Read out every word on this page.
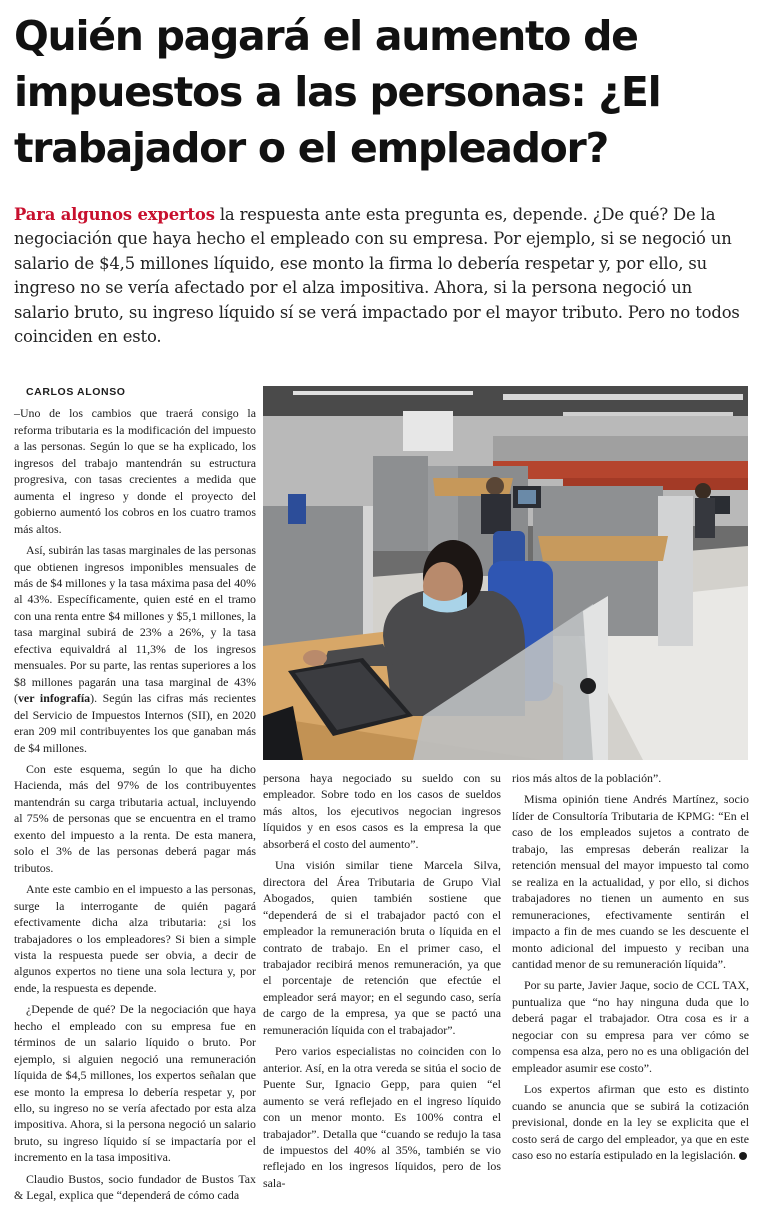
Quién pagará el aumento de impuestos a las personas: ¿El trabajador o el empleador?

Para algunos expertos la respuesta ante esta pregunta es, depende. ¿De qué? De la negociación que haya hecho el empleado con su empresa. Por ejemplo, si se negoció un salario de $4,5 millones líquido, ese monto la firma lo debería respetar y, por ello, su ingreso no se vería afectado por el alza impositiva. Ahora, si la persona negoció un salario bruto, su ingreso líquido sí se verá impactado por el mayor tributo. Pero no todos coinciden en esto.

CARLOS ALONSO

–Uno de los cambios que traerá consigo la reforma tributaria es la modificación del impuesto a las personas. Según lo que se ha explicado, los ingresos del trabajo mantendrán su estructura progresiva, con tasas crecientes a medida que aumenta el ingreso y donde el proyecto del gobierno aumentó los cobros en los cuatro tramos más altos.

Así, subirán las tasas marginales de las personas que obtienen ingresos imponibles mensuales de más de $4 millones y la tasa máxima pasa del 40% al 43%. Específicamente, quien esté en el tramo con una renta entre $4 millones y $5,1 millones, la tasa marginal subirá de 23% a 26%, y la tasa efectiva equivaldrá al 11,3% de los ingresos mensuales. Por su parte, las rentas superiores a los $8 millones pagarán una tasa marginal de 43% (ver infografía). Según las cifras más recientes del Servicio de Impuestos Internos (SII), en 2020 eran 209 mil contribuyentes los que ganaban más de $4 millones.

Con este esquema, según lo que ha dicho Hacienda, más del 97% de los contribuyentes mantendrán su carga tributaria actual, incluyendo al 75% de personas que se encuentra en el tramo exento del impuesto a la renta. De esta manera, solo el 3% de las personas deberá pagar más tributos.

Ante este cambio en el impuesto a las personas, surge la interrogante de quién pagará efectivamente dicha alza tributaria: ¿si los trabajadores o los empleadores? Si bien a simple vista la respuesta puede ser obvia, a decir de algunos expertos no tiene una sola lectura y, por ende, la respuesta es depende.

¿Depende de qué? De la negociación que haya hecho el empleado con su empresa fue en términos de un salario líquido o bruto. Por ejemplo, si alguien negoció una remuneración líquida de $4,5 millones, los expertos señalan que ese monto la empresa lo debería respetar y, por ello, su ingreso no se vería afectado por esta alza impositiva. Ahora, si la persona negoció un salario bruto, su ingreso líquido sí se impactaría por el incremento en la tasa impositiva.

Claudio Bustos, socio fundador de Bustos Tax & Legal, explica que “dependerá de cómo cada

persona haya negociado su sueldo con su empleador. Sobre todo en los casos de sueldos más altos, los ejecutivos negocian ingresos líquidos y en esos casos es la empresa la que absorberá el costo del aumento”.

Una visión similar tiene Marcela Silva, directora del Área Tributaria de Grupo Vial Abogados, quien también sostiene que “dependerá de si el trabajador pactó con el empleador la remuneración bruta o líquida en el contrato de trabajo. En el primer caso, el trabajador recibirá menos remuneración, ya que el porcentaje de retención que efectúe el empleador será mayor; en el segundo caso, sería de cargo de la empresa, ya que se pactó una remuneración líquida con el trabajador”.

Pero varios especialistas no coinciden con lo anterior. Así, en la otra vereda se sitúa el socio de Puente Sur, Ignacio Gepp, para quien “el aumento se verá reflejado en el ingreso líquido con un menor monto. Es 100% contra el trabajador”. Detalla que “cuando se redujo la tasa de impuestos del 40% al 35%, también se vio reflejado en los ingresos líquidos, pero de los sala-

rios más altos de la población”.

Misma opinión tiene Andrés Martínez, socio líder de Consultoría Tributaria de KPMG: “En el caso de los empleados sujetos a contrato de trabajo, las empresas deberán realizar la retención mensual del mayor impuesto tal como se realiza en la actualidad, y por ello, si dichos trabajadores no tienen un aumento en sus remuneraciones, efectivamente sentirán el impacto a fin de mes cuando se les descuente el monto adicional del impuesto y reciban una cantidad menor de su remuneración líquida”.

Por su parte, Javier Jaque, socio de CCL TAX, puntualiza que “no hay ninguna duda que lo deberá pagar el trabajador. Otra cosa es ir a negociar con su empresa para ver cómo se compensa esa alza, pero no es una obligación del empleador asumir ese costo”.

Los expertos afirman que esto es distinto cuando se anuncia que se subirá la cotización previsional, donde en la ley se explicita que el costo será de cargo del empleador, ya que en este caso eso no estaría estipulado en la legislación.
